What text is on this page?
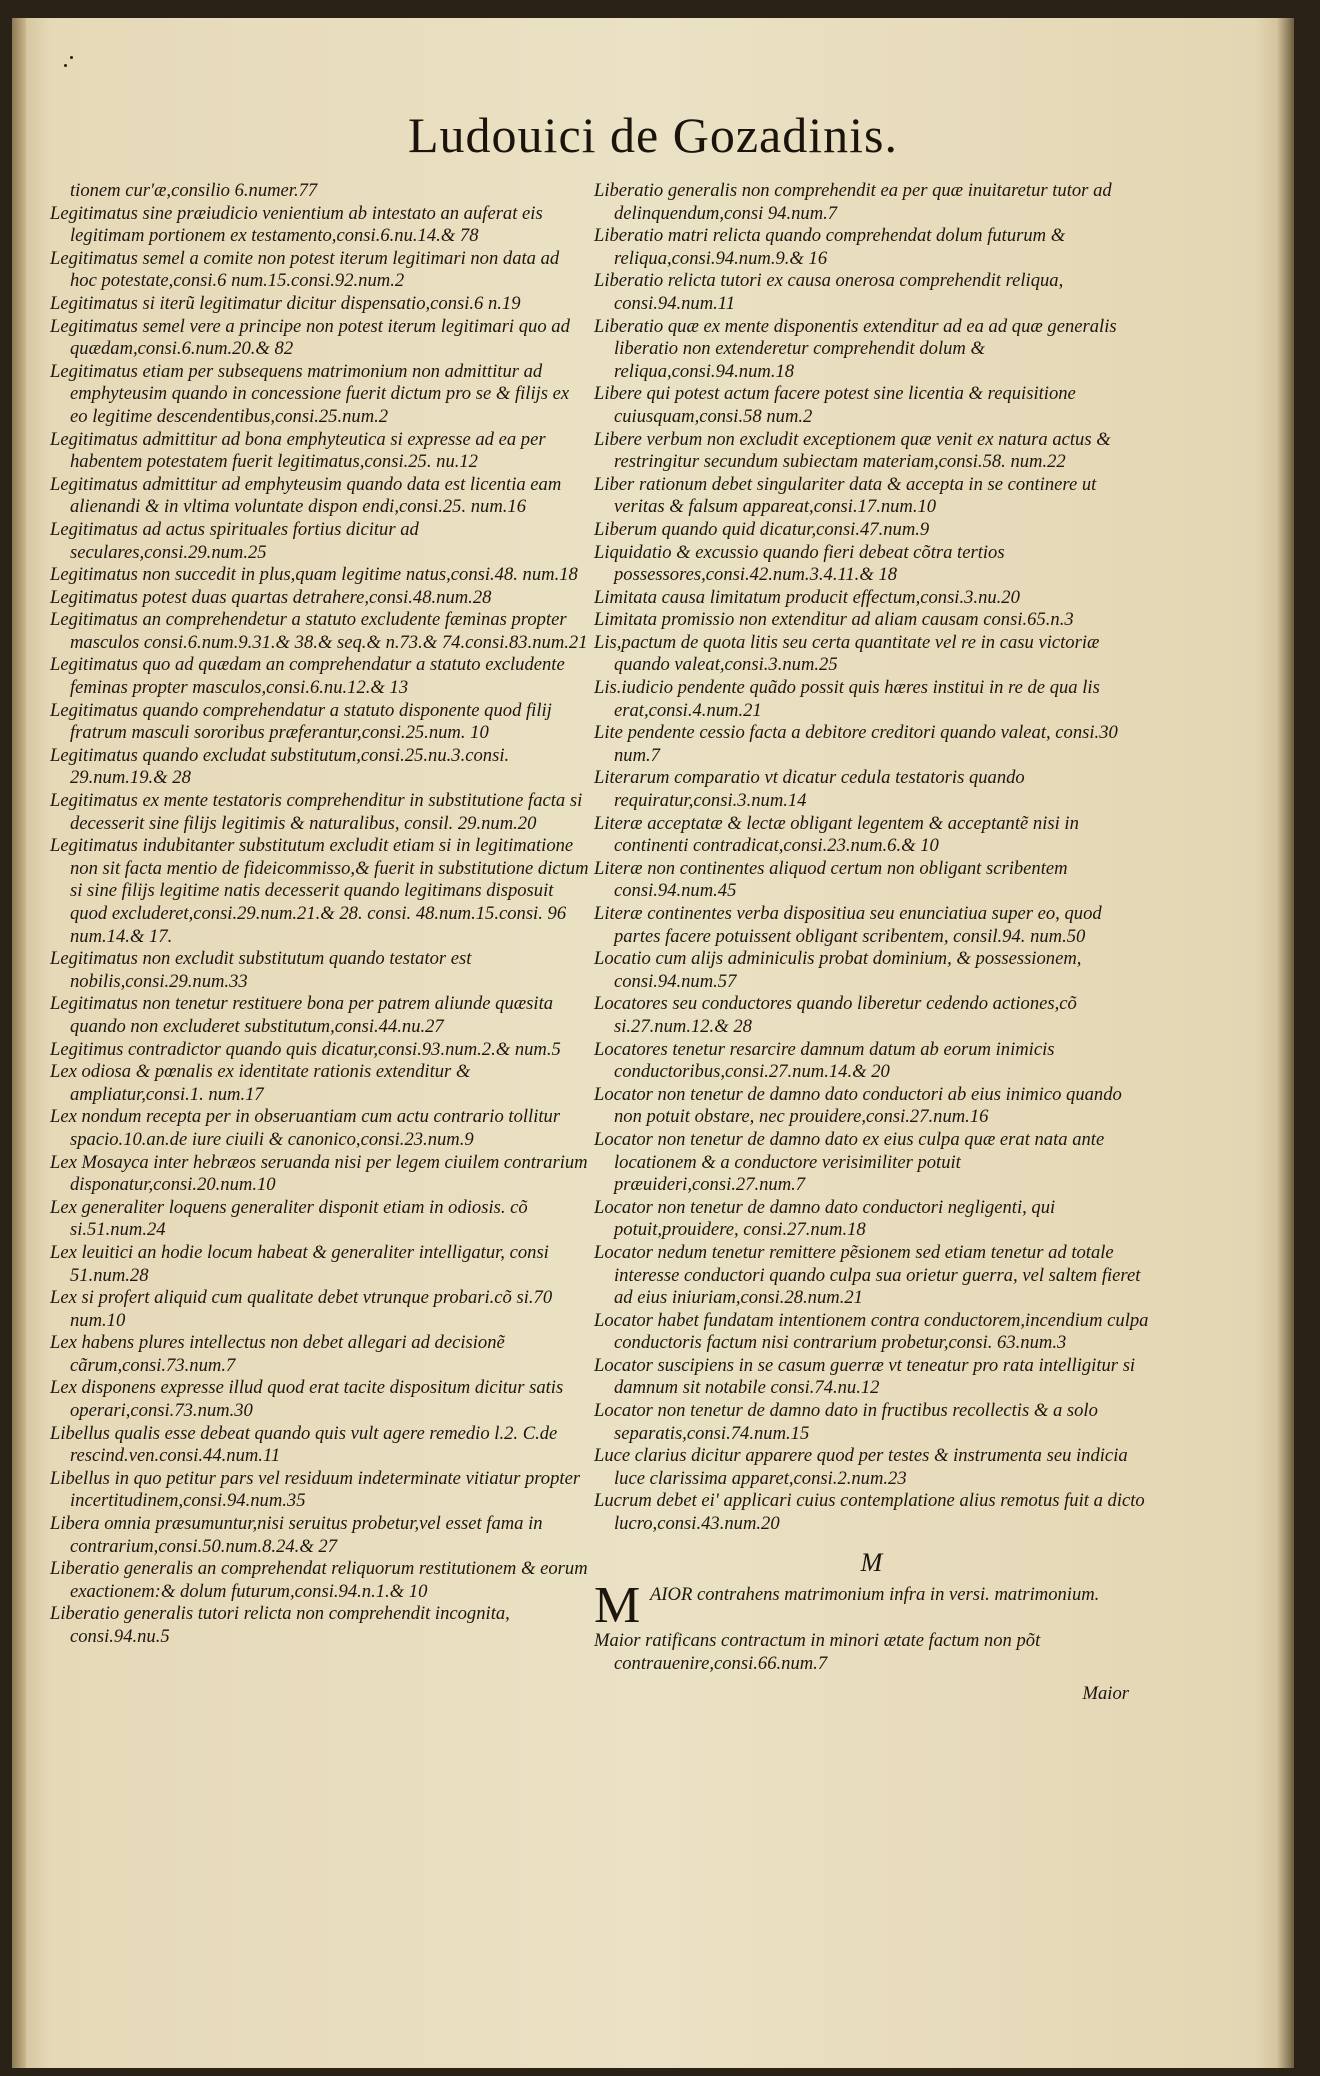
Ludouici de Gozadinis.

tionem cur'æ,consilio 6.numer.77

Legitimatus sine præiudicio venientium ab intestato an auferat eis legitimam portionem ex testamento,consi.6.nu.14.& 78

Legitimatus semel a comite non potest iterum legitimari non data ad hoc potestate,consi.6 num.15.consi.92.num.2

Legitimatus si iterũ legitimatur dicitur dispensatio,consi.6 n.19

Legitimatus semel vere a principe non potest iterum legitimari quo ad quædam,consi.6.num.20.& 82

Legitimatus etiam per subsequens matrimonium non admittitur ad emphyteusim quando in concessione fuerit dictum pro se & filijs ex eo legitime descendentibus,consi.25.num.2

Legitimatus admittitur ad bona emphyteutica si expresse ad ea per habentem potestatem fuerit legitimatus,consi.25. nu.12

Legitimatus admittitur ad emphyteusim quando data est licentia eam alienandi & in vltima voluntate dispon endi,consi.25. num.16

Legitimatus ad actus spirituales fortius dicitur ad seculares,consi.29.num.25

Legitimatus non succedit in plus,quam legitime natus,consi.48. num.18

Legitimatus potest duas quartas detrahere,consi.48.num.28

Legitimatus an comprehendetur a statuto excludente fæminas propter masculos consi.6.num.9.31.& 38.& seq.& n.73.& 74.consi.83.num.21

Legitimatus quo ad quædam an comprehendatur a statuto excludente feminas propter masculos,consi.6.nu.12.& 13

Legitimatus quando comprehendatur a statuto disponente quod filij fratrum masculi sororibus præferantur,consi.25.num. 10

Legitimatus quando excludat substitutum,consi.25.nu.3.consi. 29.num.19.& 28

Legitimatus ex mente testatoris comprehenditur in substitutione facta si decesserit sine filijs legitimis & naturalibus, consil. 29.num.20

Legitimatus indubitanter substitutum excludit etiam si in legitimatione non sit facta mentio de fideicommisso,& fuerit in substitutione dictum si sine filijs legitime natis decesserit quando legitimans disposuit quod excluderet,consi.29.num.21.& 28. consi. 48.num.15.consi. 96 num.14.& 17.

Legitimatus non excludit substitutum quando testator est nobilis,consi.29.num.33

Legitimatus non tenetur restituere bona per patrem aliunde quæsita quando non excluderet substitutum,consi.44.nu.27

Legitimus contradictor quando quis dicatur,consi.93.num.2.& num.5

Lex odiosa & pœnalis ex identitate rationis extenditur & ampliatur,consi.1. num.17

Lex nondum recepta per in obseruantiam cum actu contrario tollitur spacio.10.an.de iure ciuili & canonico,consi.23.num.9

Lex Mosayca inter hebræos seruanda nisi per legem ciuilem contrarium disponatur,consi.20.num.10

Lex generaliter loquens generaliter disponit etiam in odiosis. cõ si.51.num.24

Lex leuitici an hodie locum habeat & generaliter intelligatur, consi 51.num.28

Lex si profert aliquid cum qualitate debet vtrunque probari.cõ si.70 num.10

Lex habens plures intellectus non debet allegari ad decisionẽ cãrum,consi.73.num.7

Lex disponens expresse illud quod erat tacite dispositum dicitur satis operari,consi.73.num.30

Libellus qualis esse debeat quando quis vult agere remedio l.2. C.de rescind.ven.consi.44.num.11

Libellus in quo petitur pars vel residuum indeterminate vitiatur propter incertitudinem,consi.94.num.35

Libera omnia præsumuntur,nisi seruitus probetur,vel esset fama in contrarium,consi.50.num.8.24.& 27

Liberatio generalis an comprehendat reliquorum restitutionem & eorum exactionem:& dolum futurum,consi.94.n.1.& 10

Liberatio generalis tutori relicta non comprehendit incognita, consi.94.nu.5

Liberatio generalis non comprehendit ea per quæ inuitaretur tutor ad delinquendum,consi 94.num.7

Liberatio matri relicta quando comprehendat dolum futurum & reliqua,consi.94.num.9.& 16

Liberatio relicta tutori ex causa onerosa comprehendit reliqua, consi.94.num.11

Liberatio quæ ex mente disponentis extenditur ad ea ad quæ generalis liberatio non extenderetur comprehendit dolum & reliqua,consi.94.num.18

Libere qui potest actum facere potest sine licentia & requisitione cuiusquam,consi.58 num.2

Libere verbum non excludit exceptionem quæ venit ex natura actus & restringitur secundum subiectam materiam,consi.58. num.22

Liber rationum debet singulariter data & accepta in se continere ut veritas & falsum appareat,consi.17.num.10

Liberum quando quid dicatur,consi.47.num.9

Liquidatio & excussio quando fieri debeat cõtra tertios possessores,consi.42.num.3.4.11.& 18

Limitata causa limitatum producit effectum,consi.3.nu.20

Limitata promissio non extenditur ad aliam causam consi.65.n.3

Lis,pactum de quota litis seu certa quantitate vel re in casu victoriæ quando valeat,consi.3.num.25

Lis.iudicio pendente quãdo possit quis hæres institui in re de qua lis erat,consi.4.num.21

Lite pendente cessio facta a debitore creditori quando valeat, consi.30 num.7

Literarum comparatio vt dicatur cedula testatoris quando requiratur,consi.3.num.14

Literæ acceptatæ & lectæ obligant legentem & acceptantẽ nisi in continenti contradicat,consi.23.num.6.& 10

Literæ non continentes aliquod certum non obligant scribentem consi.94.num.45

Literæ continentes verba dispositiua seu enunciatiua super eo, quod partes facere potuissent obligant scribentem, consil.94. num.50

Locatio cum alijs adminiculis probat dominium, & possessionem, consi.94.num.57

Locatores seu conductores quando liberetur cedendo actiones,cõ si.27.num.12.& 28

Locatores tenetur resarcire damnum datum ab eorum inimicis conductoribus,consi.27.num.14.& 20

Locator non tenetur de damno dato conductori ab eius inimico quando non potuit obstare, nec prouidere,consi.27.num.16

Locator non tenetur de damno dato ex eius culpa quæ erat nata ante locationem & a conductore verisimiliter potuit præuideri,consi.27.num.7

Locator non tenetur de damno dato conductori negligenti, qui potuit,prouidere, consi.27.num.18

Locator nedum tenetur remittere pẽsionem sed etiam tenetur ad totale interesse conductori quando culpa sua orietur guerra, vel saltem fieret ad eius iniuriam,consi.28.num.21

Locator habet fundatam intentionem contra conductorem,incendium culpa conductoris factum nisi contrarium probetur,consi. 63.num.3

Locator suscipiens in se casum guerræ vt teneatur pro rata intelligitur si damnum sit notabile consi.74.nu.12

Locator non tenetur de damno dato in fructibus recollectis & a solo separatis,consi.74.num.15

Luce clarius dicitur apparere quod per testes & instrumenta seu indicia luce clarissima apparet,consi.2.num.23

Lucrum debet ei' applicari cuius contemplatione alius remotus fuit a dicto lucro,consi.43.num.20

M
M AIOR contrahens matrimonium infra in versi. matrimonium.

Maior ratificans contractum in minori ætate factum non põt contrauenire,consi.66.num.7

Maior
